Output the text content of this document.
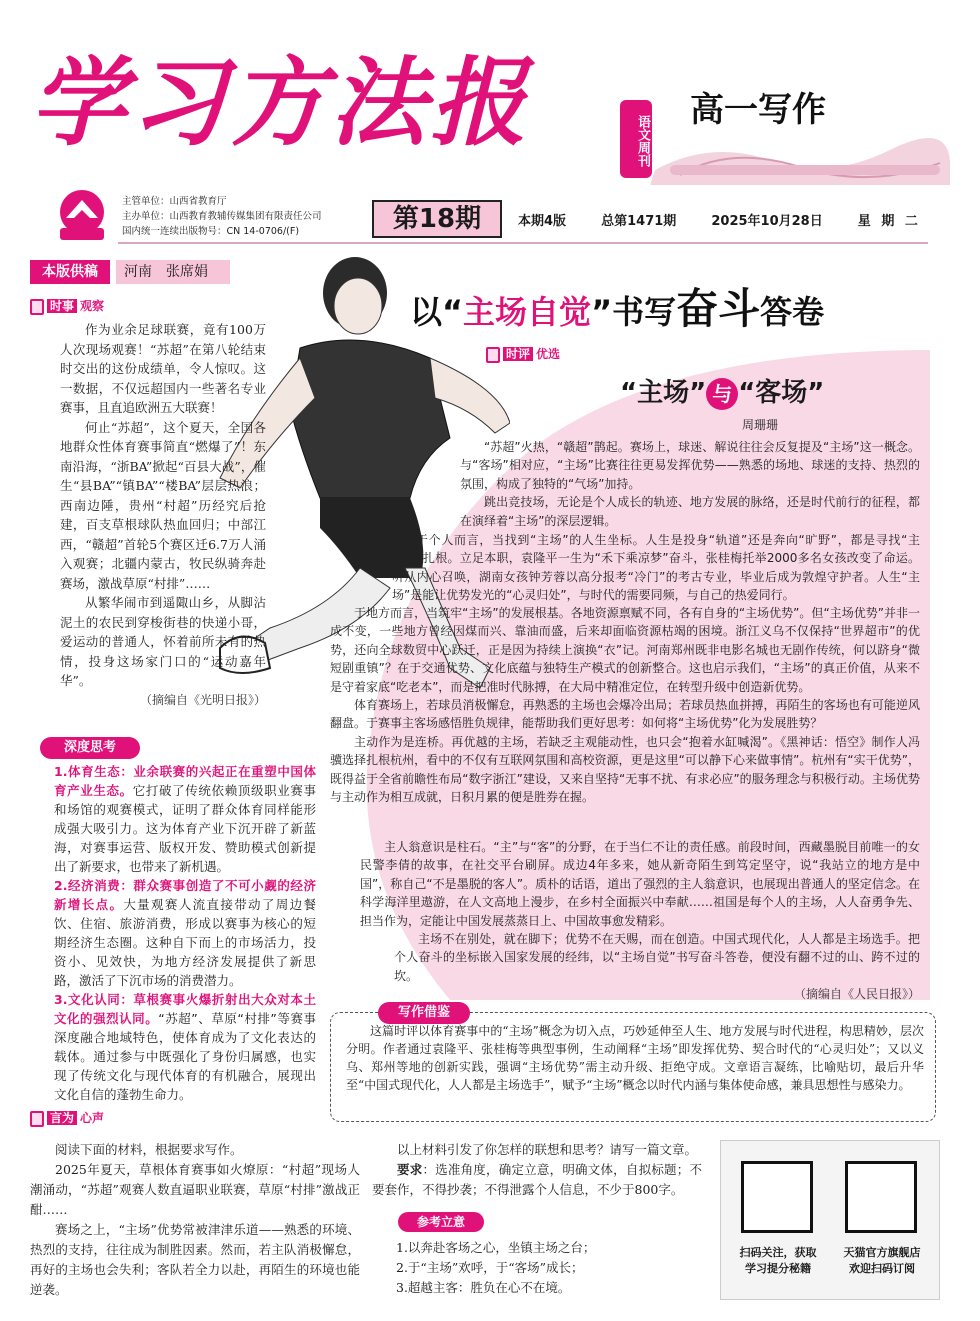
学习方法报	语文周刊
高一写作
主管单位：山西省教育厅
主办单位：山西教育教辅传媒集团有限责任公司
国内统一连续出版物号：CN 14-0706/(F)	第18期	本期4版	总第1471期	2025年10月28日	星 期 二
本版供稿	河南　张席娟
以“主场自觉”书写奋斗答卷
时事 观察

作为业余足球联赛，竟有100万人次现场观赛！“苏超”在第八轮结束时交出的这份成绩单，令人惊叹。这一数据，不仅远超国内一些著名专业赛事，且直追欧洲五大联赛！

何止“苏超”，这个夏天，全国各地群众性体育赛事简直“燃爆了”！东南沿海，“浙BA”掀起“百县大战”，催生“县BA”“镇BA”“楼BA”层层热浪；西南边陲，贵州“村超”历经究后抢建，百支草根球队热血回归；中部江西，“赣超”首轮5个赛区迁6.7万人涌入观赛；北疆内蒙古，牧民纵骑奔赴赛场，激战草原“村排”……

从繁华闹市到遥陬山乡，从脚沾泥土的农民到穿梭街巷的快递小哥，爱运动的普通人，怀着前所未有的热情，投身这场家门口的“运动嘉年华”。

（摘编自《光明日报》）
深度思考
1.体育生态：业余联赛的兴起正在重塑中国体育产业生态。它打破了传统依赖顶级职业赛事和场馆的观赛模式，证明了群众体育同样能形成强大吸引力。这为体育产业下沉开辟了新蓝海，对赛事运营、版权开发、赞助模式创新提出了新要求，也带来了新机遇。
2.经济消费：群众赛事创造了不可小觑的经济新增长点。大量观赛人流直接带动了周边餐饮、住宿、旅游消费，形成以赛事为核心的短期经济生态圈。这种自下而上的市场活力，投资小、见效快，为地方经济发展提供了新思路，激活了下沉市场的消费潜力。
3.文化认同：草根赛事火爆折射出大众对本土文化的强烈认同。“苏超”、草原“村排”等赛事深度融合地域特色，使体育成为了文化表达的载体。通过参与中既强化了身份归属感，也实现了传统文化与现代体育的有机融合，展现出文化自信的蓬勃生命力。
时评 优选
“主场” 与 “客场”
周珊珊

“苏超”火热，“赣超”鹊起。赛场上，球迷、解说往往会反复提及“主场”这一概念。与“客场”相对应，“主场”比赛往往更易发挥优势——熟悉的场地、球迷的支持、热烈的氛围，构成了独特的“气场”加持。

跳出竞技场，无论是个人成长的轨迹、地方发展的脉络，还是时代前行的征程，都在演绎着“主场”的深层逻辑。

于个人而言，当找到“主场”的人生坐标。人生是投身“轨道”还是奔向“旷野”，都是寻找“主场”的扎根。立足本职，袁隆平一生为“禾下乘凉梦”奋斗，张桂梅托举2000多名女孩改变了命运。听从内心召唤，湖南女孩钟芳蓉以高分报考“冷门”的考古专业，毕业后成为敦煌守护者。人生“主场”是能让优势发光的“心灵归处”，与时代的需要同频，与自己的热爱同行。

于地方而言，当筑牢“主场”的发展根基。各地资源禀赋不同，各有自身的“主场优势”。但“主场优势”并非一成不变，一些地方曾经因煤而兴、靠油而盛，后来却面临资源枯竭的困境。浙江义乌不仅保持“世界超市”的优势，还向全球数贸中心跃迁，正是因为持续上演换“衣”记。河南郑州既非电影名城也无剧作传统，何以跻身“微短剧重镇”？在于交通优势、文化底蕴与独特生产模式的创新整合。这也启示我们，“主场”的真正价值，从来不是守着家底“吃老本”，而是把准时代脉搏，在大局中精准定位，在转型升级中创造新优势。

体育赛场上，若球员消极懈怠，再熟悉的主场也会爆冷出局；若球员热血拼搏，再陌生的客场也有可能逆风翻盘。于赛事主客场感悟胜负规律，能帮助我们更好思考：如何将“主场优势”化为发展胜势？

主动作为是连桥。再优越的主场，若缺乏主观能动性，也只会“抱着水缸喊渴”。《黑神话：悟空》制作人冯骥选择扎根杭州，看中的不仅有互联网氛围和高校资源，更是这里“可以静下心来做事情”。杭州有“实干优势”，既得益于全省前瞻性布局“数字浙江”建设，又来自坚持“无事不扰、有求必应”的服务理念与积极行动。主场优势与主动作为相互成就，日积月累的便是胜券在握。

主人翁意识是柱石。“主”与“客”的分野，在于当仁不让的责任感。前段时间，西藏墨脱目前唯一的女民警李倩的故事，在社交平台刷屏。成边4年多来，她从新奇陌生到笃定坚守，说“我站立的地方是中国”，称自己“不是墨脱的客人”。质朴的话语，道出了强烈的主人翁意识，也展现出普通人的坚定信念。在科学海洋里遨游，在人文高地上漫步，在乡村全面振兴中奉献……祖国是每个人的主场，人人奋勇争先、担当作为，定能让中国发展蒸蒸日上、中国故事愈发精彩。

主场不在别处，就在脚下；优势不在天赐，而在创造。中国式现代化，人人都是主场选手。把个人奋斗的坐标嵌入国家发展的经纬，以“主场自觉”书写奋斗答卷，便没有翻不过的山、跨不过的坎。

（摘编自《人民日报》）
写作借鉴

这篇时评以体育赛事中的“主场”概念为切入点，巧妙延伸至人生、地方发展与时代进程，构思精妙，层次分明。作者通过袁隆平、张桂梅等典型事例，生动阐释“主场”即发挥优势、契合时代的“心灵归处”；又以义乌、郑州等地的创新实践，强调“主场优势”需主动升级、拒绝守成。文章语言凝练，比喻贴切，最后升华至“中国式现代化，人人都是主场选手”，赋予“主场”概念以时代内涵与集体使命感，兼具思想性与感染力。

言为 心声

阅读下面的材料，根据要求写作。

2025年夏天，草根体育赛事如火燎原：“村超”现场人潮涌动，“苏超”观赛人数直逼职业联赛，草原“村排”激战正酣……

赛场之上，“主场”优势常被津津乐道——熟悉的环境、热烈的支持，往往成为制胜因素。然而，若主队消极懈怠，再好的主场也会失利；客队若全力以赴，再陌生的环境也能逆袭。

以上材料引发了你怎样的联想和思考？请写一篇文章。

要求：选准角度，确定立意，明确文体，自拟标题；不要套作，不得抄袭；不得泄露个人信息，不少于800字。

参考立意
1.以奔赴客场之心，坐镇主场之台；
2.于“主场”欢呼，于“客场”成长；
3.超越主客：胜负在心不在境。
扫码关注，获取
学习提分秘籍
天猫官方旗舰店
欢迎扫码订阅
